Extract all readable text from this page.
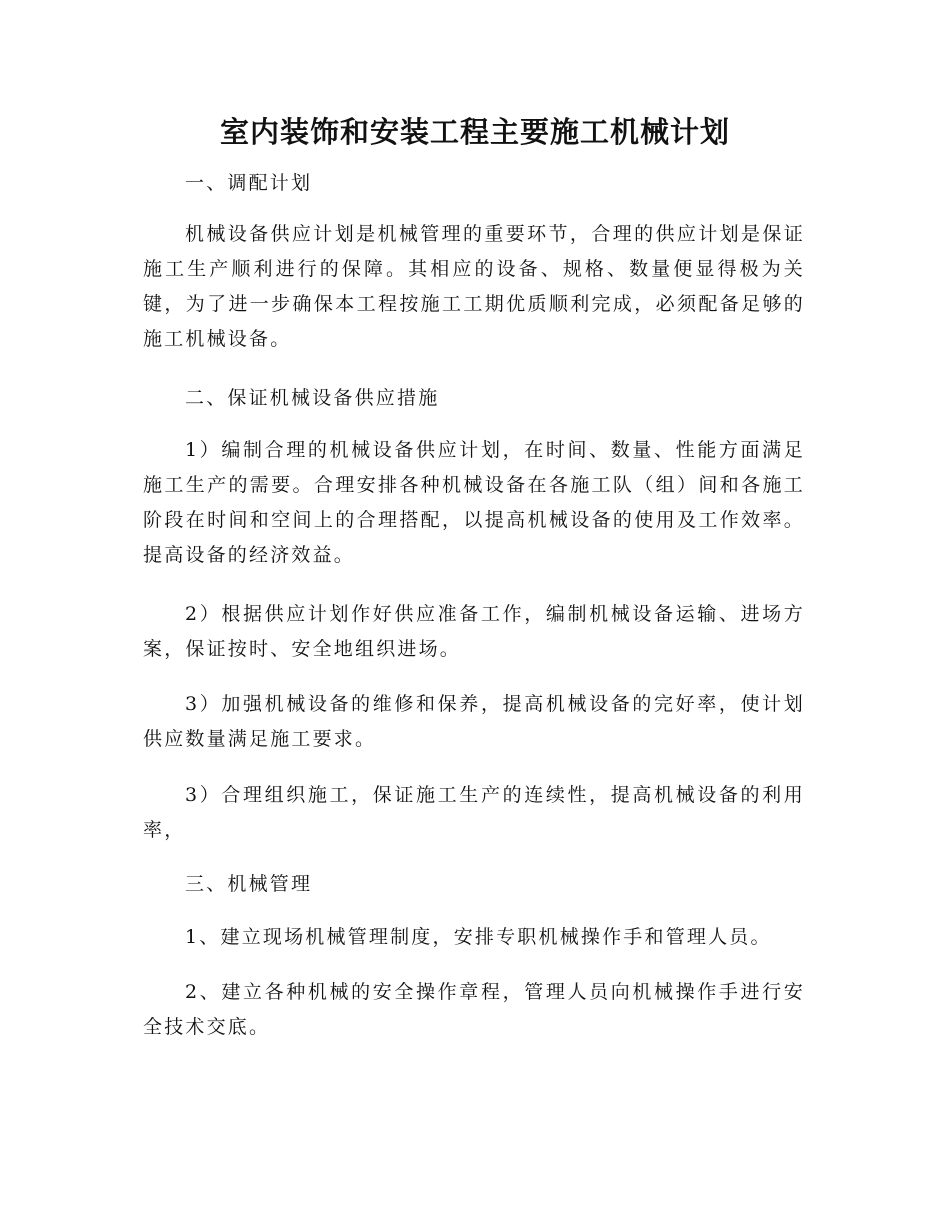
室内装饰和安装工程主要施工机械计划

一、调配计划

机械设备供应计划是机械管理的重要环节，合理的供应计划是保证施工生产顺利进行的保障。其相应的设备、规格、数量便显得极为关键，为了进一步确保本工程按施工工期优质顺利完成，必须配备足够的施工机械设备。

二、保证机械设备供应措施

1）编制合理的机械设备供应计划，在时间、数量、性能方面满足施工生产的需要。合理安排各种机械设备在各施工队（组）间和各施工阶段在时间和空间上的合理搭配，以提高机械设备的使用及工作效率。提高设备的经济效益。

2）根据供应计划作好供应准备工作，编制机械设备运输、进场方案，保证按时、安全地组织进场。

3）加强机械设备的维修和保养，提高机械设备的完好率，使计划供应数量满足施工要求。

3）合理组织施工，保证施工生产的连续性，提高机械设备的利用率，

三、机械管理

1、建立现场机械管理制度，安排专职机械操作手和管理人员。

2、建立各种机械的安全操作章程，管理人员向机械操作手进行安全技术交底。
